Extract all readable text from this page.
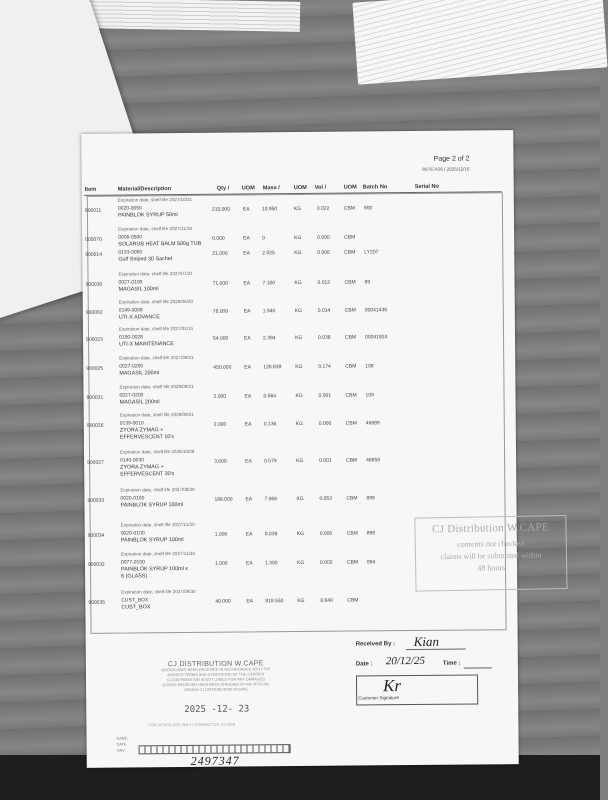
Page 2 of 2
80767426 / 2025/12/16
Item	Material/Description	Qty / UOM Mass / UOM Vol /	UOM Batch No	Serial No
Expiration date, shelf life 2027/10/31
900011	0020-0050	215.000	EA 10.950	KG	0.022	CBM 900
PAINBLOK SYRUP 50ml
Expiration date, shelf life 2027/11/30
005070	0006-0500	0.000	EA 0	KG	0.000	CBM
SOLARUB HEAT BALM 500g TUB
900014	0133-0050	21.000	EA 2.025	KG	0.006	CBM LY207
Gulf Sniped 30 Sachet
Expiration date, shelf life 2027/07/31
900030	0027-0100	71.000	EA 7.100	KG	0.012	CBM 89
MAGASIL 100ml
Expiration date, shelf life 2028/06/30
900002	0149-0008	76.000	EA 1.940	KG	0.014	CBM 00041438
UTI-X ADVANCE
Expiration date, shelf life 2027/01/31
900023	0150-0028	54.000	EA 2.394	KG	0.038	CBM 00041824
UTI-X MAINTENANCE
Expiration date, shelf life 2027/08/31
900025	0027-0200	450.000	EA 126.839	KG	0.174	CBM 108
MAGASIL 200ml
Expiration date, shelf life 2028/08/31
900031	0027-0200	2.000	EA 0.564	KG	0.001	CBM 109
MAGASIL 200ml
Expiration date, shelf life 2028/08/31
900026	0139-0010	2.000	EA 0.136	KG	0.000	CBM 46889
ZYORA ZYMAG + EFFERVESCENT 10's
Expiration date, shelf life 2026/10/09
900027	0140-0030	3.000	EA 0.579	KG	0.001	CBM 46859
ZYORA ZYMAG + EFFERVESCENT 30's
Expiration date, shelf life 2027/09/28
900033	0020-0100	188.000	EA 7.068	KG	0.053	CBM 898
PAINBLOK SYRUP 100ml
Expiration date, shelf life 2027/11/30
900034	0020-0100	1.000	EA 0.038	KG	0.000	CBM 898
PAINBLOK SYRUP 100ml
Expiration date, shelf life 2027/11/30
900032	0077-0100	1.000	EA 1.300	KG	0.002	CBM 894
PAINBLOK SYRUP 100ml x 6 (GLASS)
Expiration date, shelf life 2027/09/30
900035	CUST_BOX	40.000	EA 818.550	KG	8.640	CBM
CUST_BOX
CJ Distribution W.CAPE
contents not checked
claims will be submitted within
48 hours
Received By : Kian
Date : 20/12/25	Time :
Kr
Customer Signature
CJ DISTRIBUTION W.CAPE
GOODS HAVE BEEN RECEIVED IN ACCORDANCE WITH THE
AGREED TERMS AND CONDITIONS OF THE CARRIER
CJ DISTRIBUTION IS NOT LIABLE FOR ANY DAMAGES
GOODS RECEIVED HAVE BEEN CHECKED BY AN OFFICIAL
ISSUED CJ DISTRIBUTION W.CAPE
2025 -12- 23
FOR OFFICE USE ONLY / CONTACT US: CJ 2010
NAME
DATE
GRV
2497347
